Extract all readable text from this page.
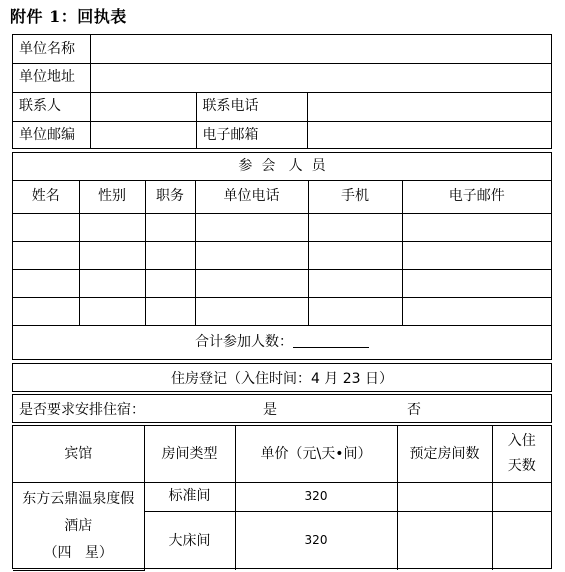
附件 1：回执表
单位名称			
单位地址			
联系人		联系电话	
单位邮编		电子邮箱	
参  会   人  员					
姓名	性别	职务	单位电话	手机	电子邮件

合计参加人数：					
住房登记（入住时间：4 月 23 日）
是否要求安排住宿：	是	否
宾馆	房间类型	单价（元\天•间）	预定房间数	入住
天数

东方云鼎温泉度假
酒店
（四   星）	标准间	320		
	大床间	320		
